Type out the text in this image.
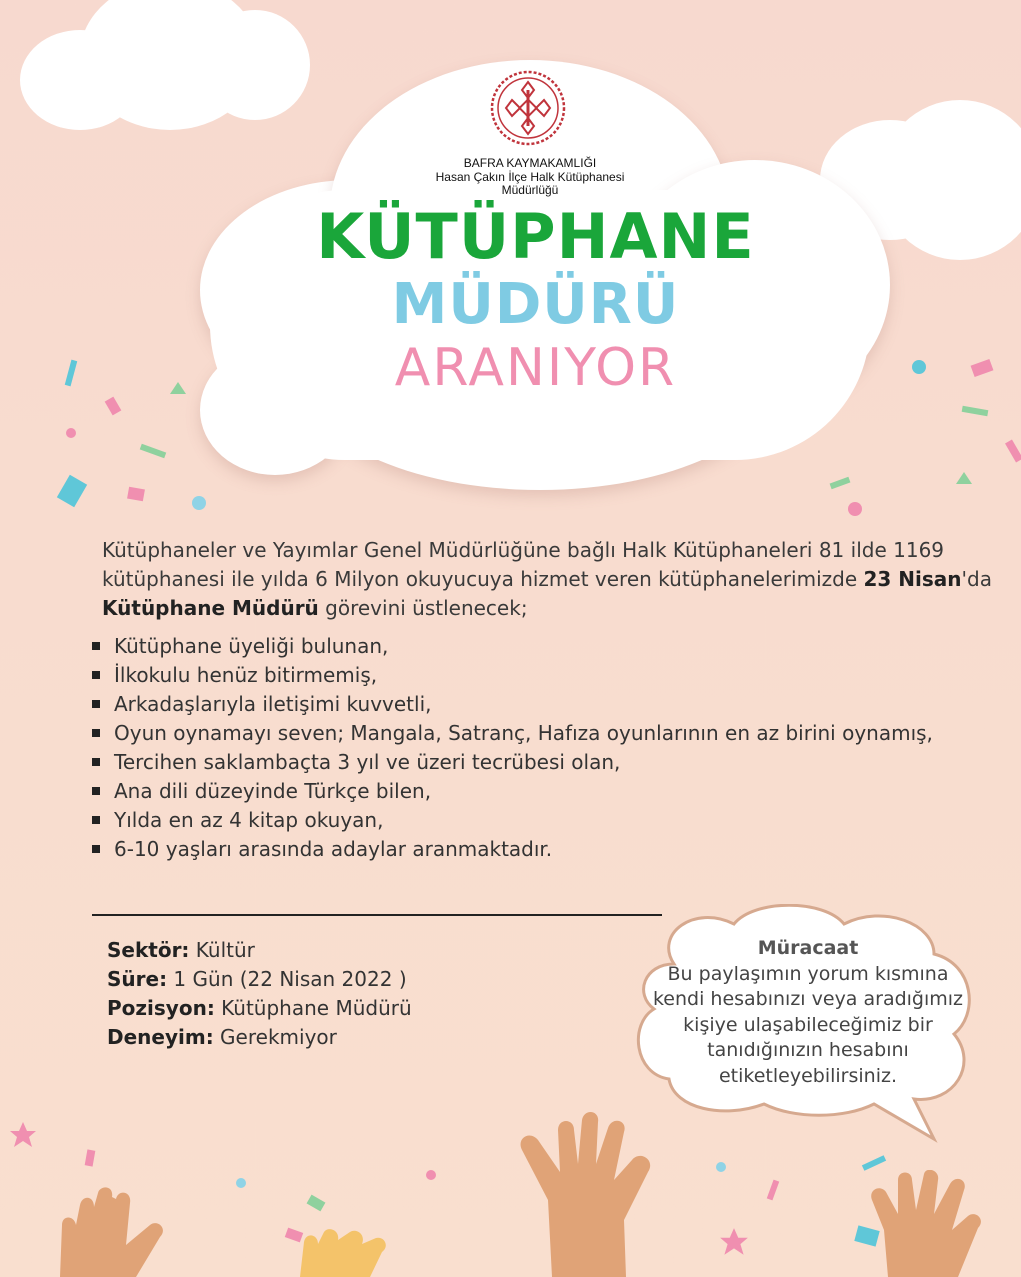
BAFRA KAYMAKAMLIĞI
Hasan Çakın İlçe Halk Kütüphanesi
Müdürlüğü
KÜTÜPHANE
MÜDÜRÜ
ARANIYOR
Kütüphaneler ve Yayımlar Genel Müdürlüğüne bağlı Halk Kütüphaneleri 81 ilde 1169 kütüphanesi ile yılda 6 Milyon okuyucuya hizmet veren kütüphanelerimizde 23 Nisan'da Kütüphane Müdürü görevini üstlenecek;
Kütüphane üyeliği bulunan,
İlkokulu henüz bitirmemiş,
Arkadaşlarıyla iletişimi kuvvetli,
Oyun oynamayı seven; Mangala, Satranç, Hafıza oyunlarının en az birini oynamış,
Tercihen saklambaçta 3 yıl ve üzeri tecrübesi olan,
Ana dili düzeyinde Türkçe bilen,
Yılda en az 4 kitap okuyan,
6-10 yaşları arasında adaylar aranmaktadır.
Sektör: Kültür
Süre: 1 Gün (22 Nisan 2022 )
Pozisyon: Kütüphane Müdürü
Deneyim: Gerekmiyor
Müracaat
Bu paylaşımın yorum kısmına
kendi hesabınızı veya aradığımız
kişiye ulaşabileceğimiz bir
tanıdığınızın hesabını
etiketleyebilirsiniz.
